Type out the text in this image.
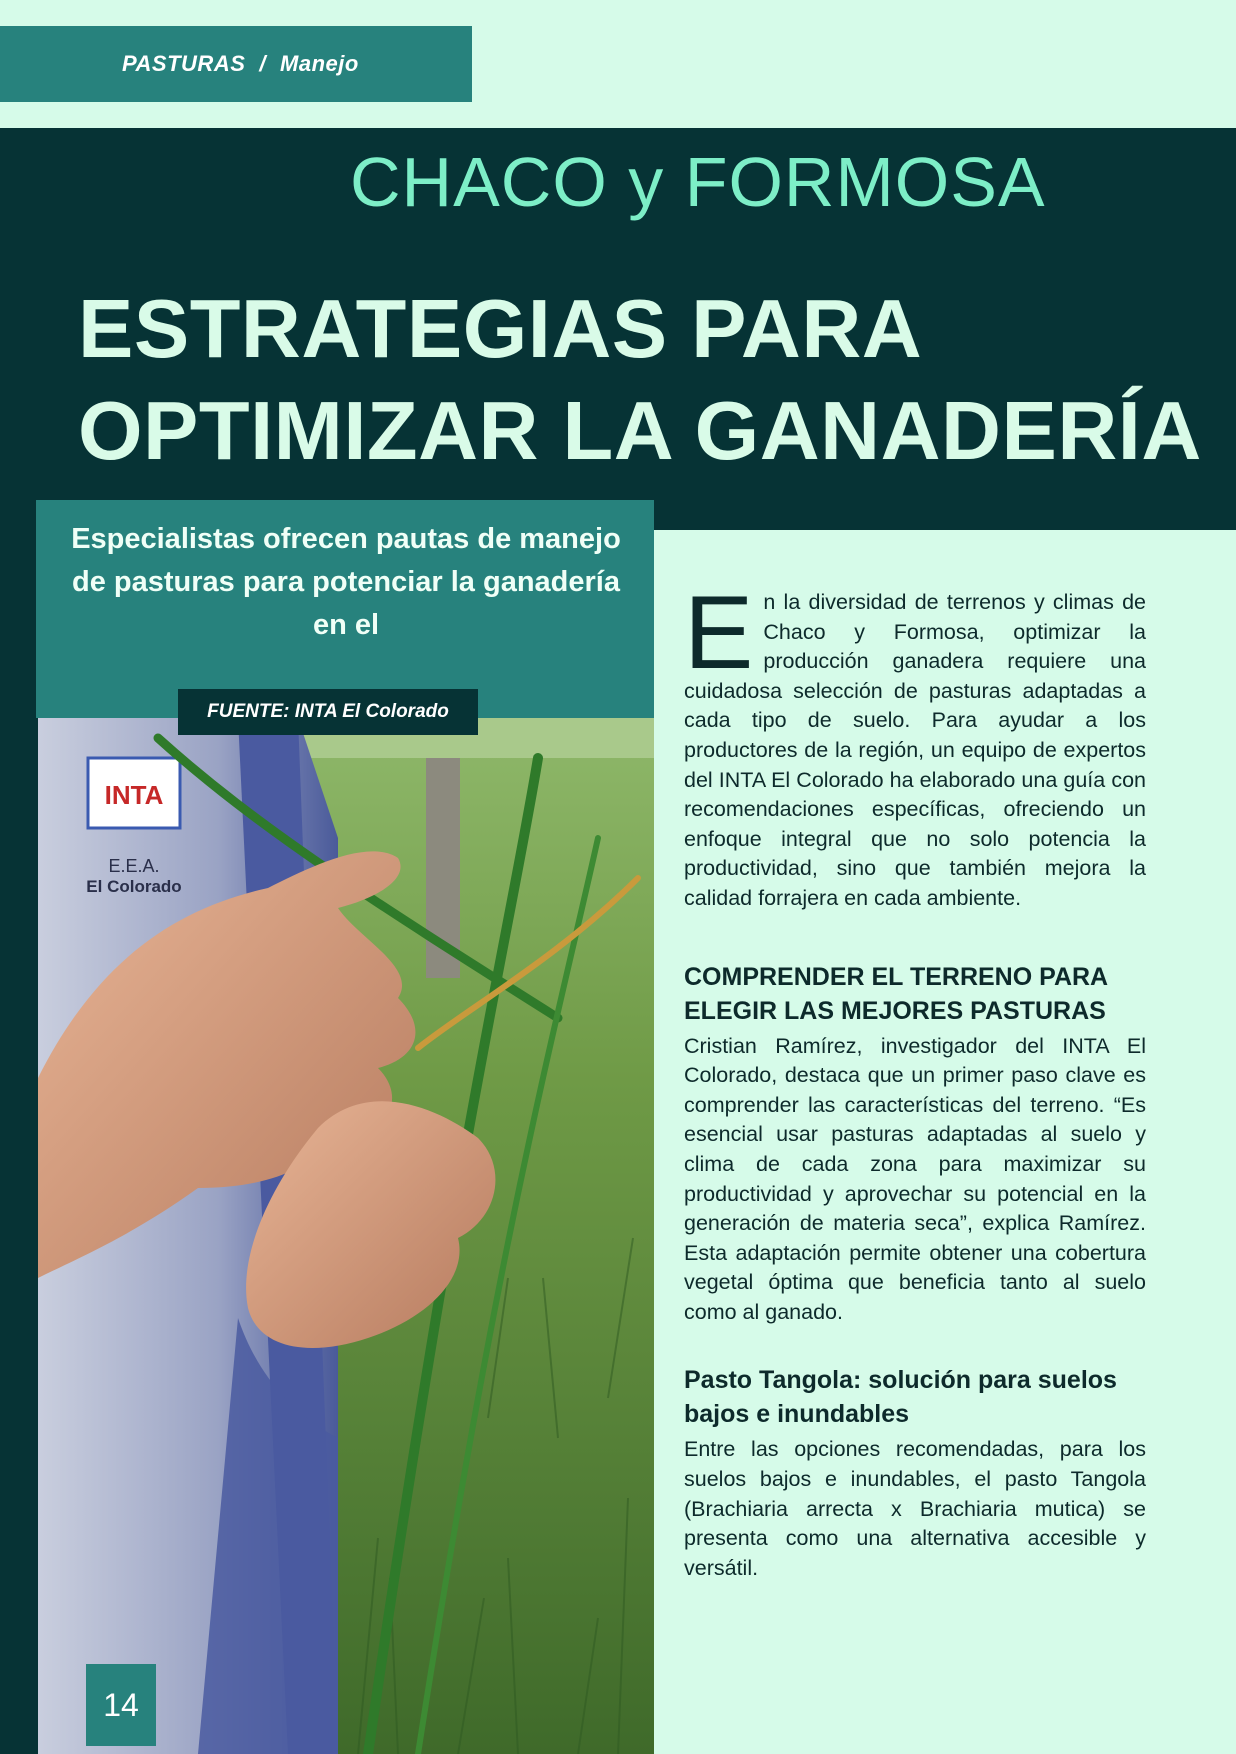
PASTURAS / Manejo
CHACO y FORMOSA
ESTRATEGIAS PARA
OPTIMIZAR LA GANADERÍA
INTA
E.E.A.
El Colorado
Especialistas ofrecen pautas de manejo de pasturas para potenciar la ganadería en el
FUENTE: INTA El Colorado
14

En la diversidad de terrenos y climas de Chaco y Formosa, optimizar la producción ganadera requiere una cuidadosa selección de pasturas adaptadas a cada tipo de suelo. Para ayudar a los productores de la región, un equipo de expertos del INTA El Colorado ha elaborado una guía con recomendaciones específicas, ofreciendo un enfoque integral que no solo potencia la productividad, sino que también mejora la calidad forrajera en cada ambiente.

COMPRENDER EL TERRENO PARA ELEGIR LAS MEJORES PASTURAS

Cristian Ramírez, investigador del INTA El Colorado, destaca que un primer paso clave es comprender las características del terreno. “Es esencial usar pasturas adaptadas al suelo y clima de cada zona para maximizar su productividad y aprovechar su potencial en la generación de materia seca”, explica Ramírez. Esta adaptación permite obtener una cobertura vegetal óptima que beneficia tanto al suelo como al ganado.

Pasto Tangola: solución para suelos bajos e inundables

Entre las opciones recomendadas, para los suelos bajos e inundables, el pasto Tangola (Brachiaria arrecta x Brachiaria mutica) se presenta como una alternativa accesible y versátil.
